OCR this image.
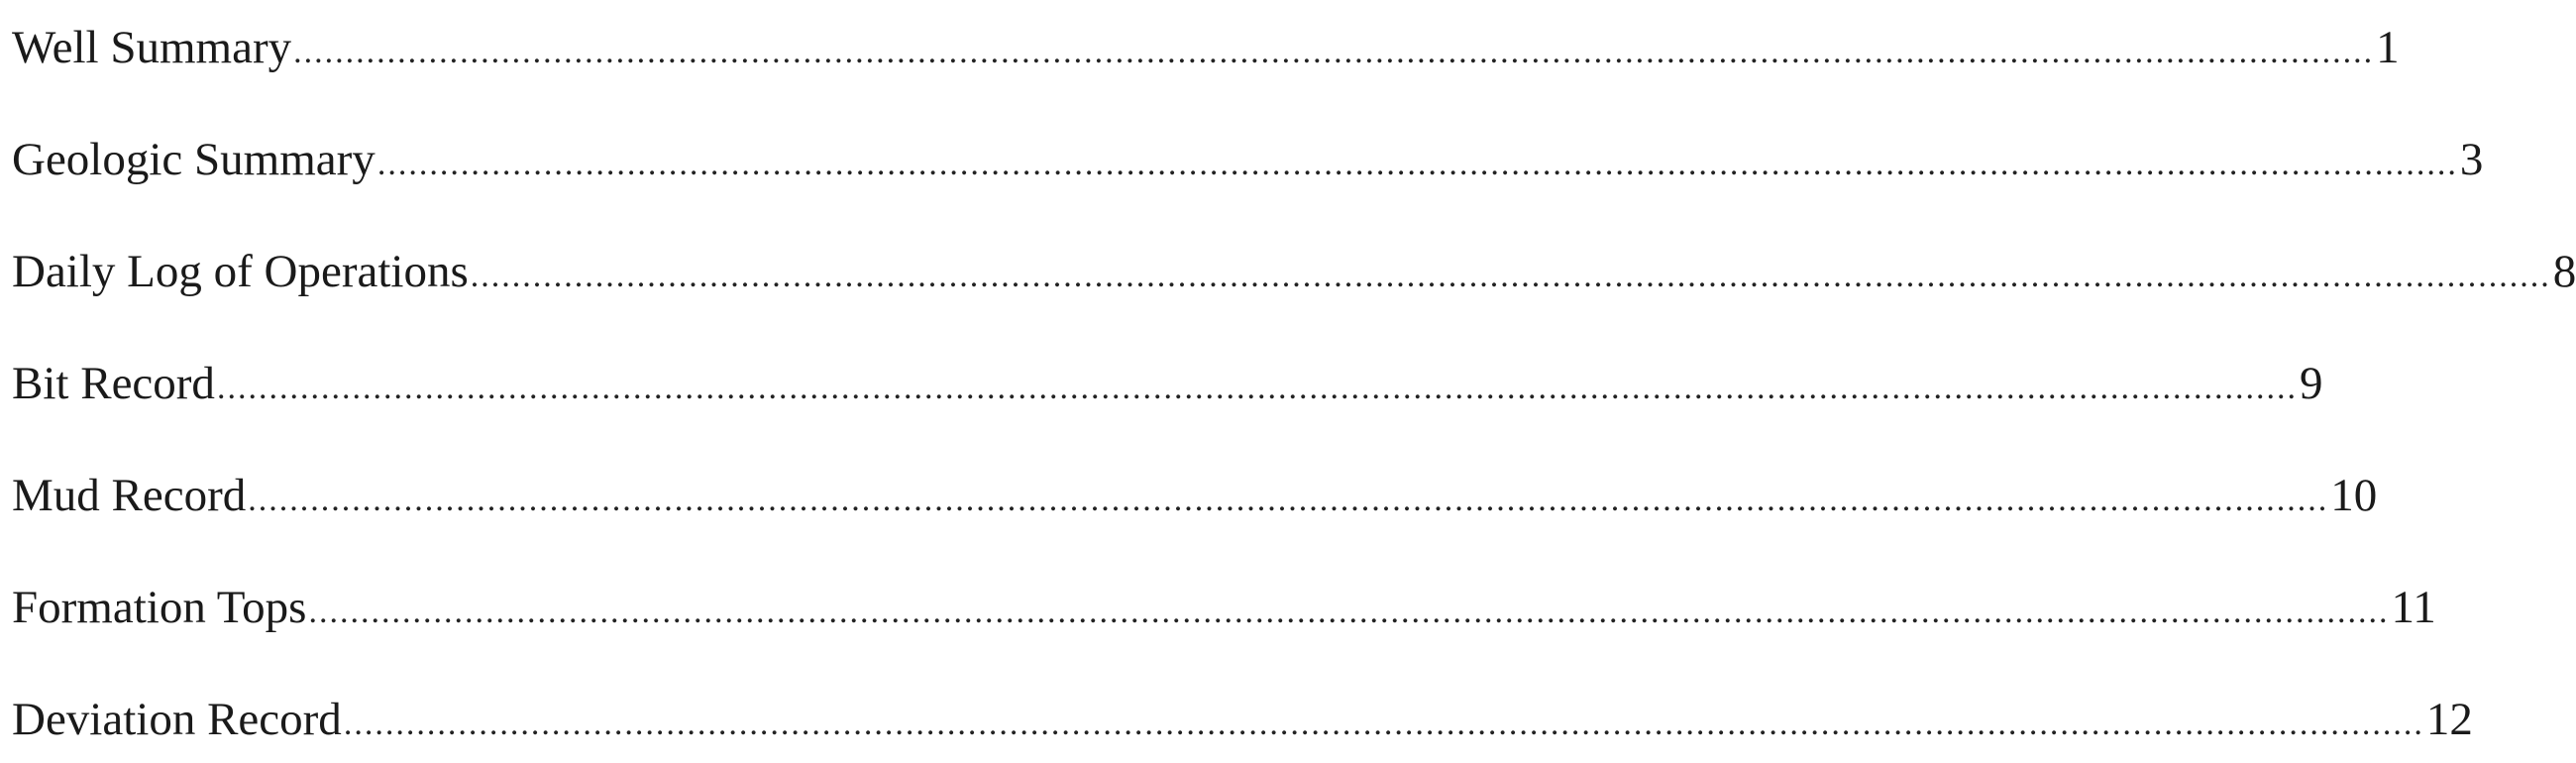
Well Summary ........................................................................................................................................................................................................ 1
Geologic Summary ........................................................................................................................................................................................................ 3
Daily Log of Operations ........................................................................................................................................................................................................ 8
Bit Record ........................................................................................................................................................................................................ 9
Mud Record ........................................................................................................................................................................................................ 10
Formation Tops ........................................................................................................................................................................................................ 11
Deviation Record ........................................................................................................................................................................................................ 12
